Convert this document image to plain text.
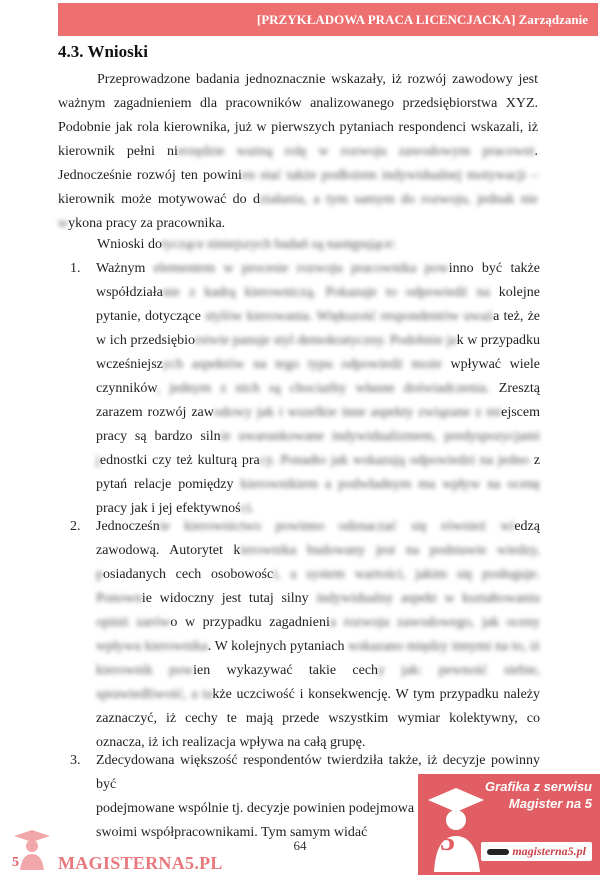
[PRZYKŁADOWA PRACA LICENCJACKA] Zarządzanie
4.3. Wnioski
Przeprowadzone badania jednoznacznie wskazały, iż rozwój zawodowy jest ważnym zagadnieniem dla pracowników analizowanego przedsiębiorstwa XYZ. Podobnie jak rola kierownika, już w pierwszych pytaniach respondenci wskazali, iż kierownik pełni nierzędzie ważną rolę w rozwoju zawodowym pracowni. Jednocześnie rozwój ten powinien stać także podłożem indywidualnej motywacji – kierownik może motywować do działania, a tym samym do rozwoju, jednak nie wykona pracy za pracownika.
Wnioski dotyczące niniejszych badań są następujące:
1.	Ważnym elementem w procesie rozwoju pracownika powinno być także współdziałanie z kadrą kierowniczą. Pokazuje to odpowiedź na kolejne pytanie, dotyczące stylów kierowania. Większość respondentów uważa też, że w ich przedsiębiorstwie panuje styl demokratyczny. Podobnie jak w przypadku wcześniejszych aspektów na tego typu odpowiedź może wpływać wiele czynników, jednym z nich są chociażby własne doświadczenia. Zresztą zarazem rozwój zawodowy jak i wszelkie inne aspekty związane z miejscem pracy są bardzo silnie uwarunkowane indywidualizmem, predyspozycjami jednostki czy też kulturą pracy. Ponadto jak wskazują odpowiedzi na jedno z pytań relacje pomiędzy kierownikiem a podwładnym ma wpływ na ocenę pracy jak i jej efektywności.
2.	Jednocześnie kierownictwo powinno odznaczać się również wiedzą zawodową. Autorytet kierownika budowany jest na podstawie wiedzy, posiadanych cech osobowości, a system wartości, jakim się posługuje. Ponownie widoczny jest tutaj silny indywidualny aspekt w kształtowaniu opinii zarówo w przypadku zagadnienia rozwoju zawodowego, jak oceny wpływu kierownika. W kolejnych pytaniach wskazano między innymi na to, iż kierownik powien wykazywać takie cechy jak: pewność siebie, sprawiedliwość, a także uczciwość i konsekwencję. W tym przypadku należy zaznaczyć, iż cechy te mają przede wszystkim wymiar kolektywny, co oznacza, iż ich realizacja wpływa na całą grupę.
3.	Zdecydowana większość respondentów twierdziła także, iż decyzje powinny być
podejmowane wspólnie tj. decyzje powinien podejmowa
swoimi współpracownikami. Tym samym widać
64
5 MAGISTERNA5.PL
5
Grafika z serwisu
Magister na 5
magisterna5.pl
